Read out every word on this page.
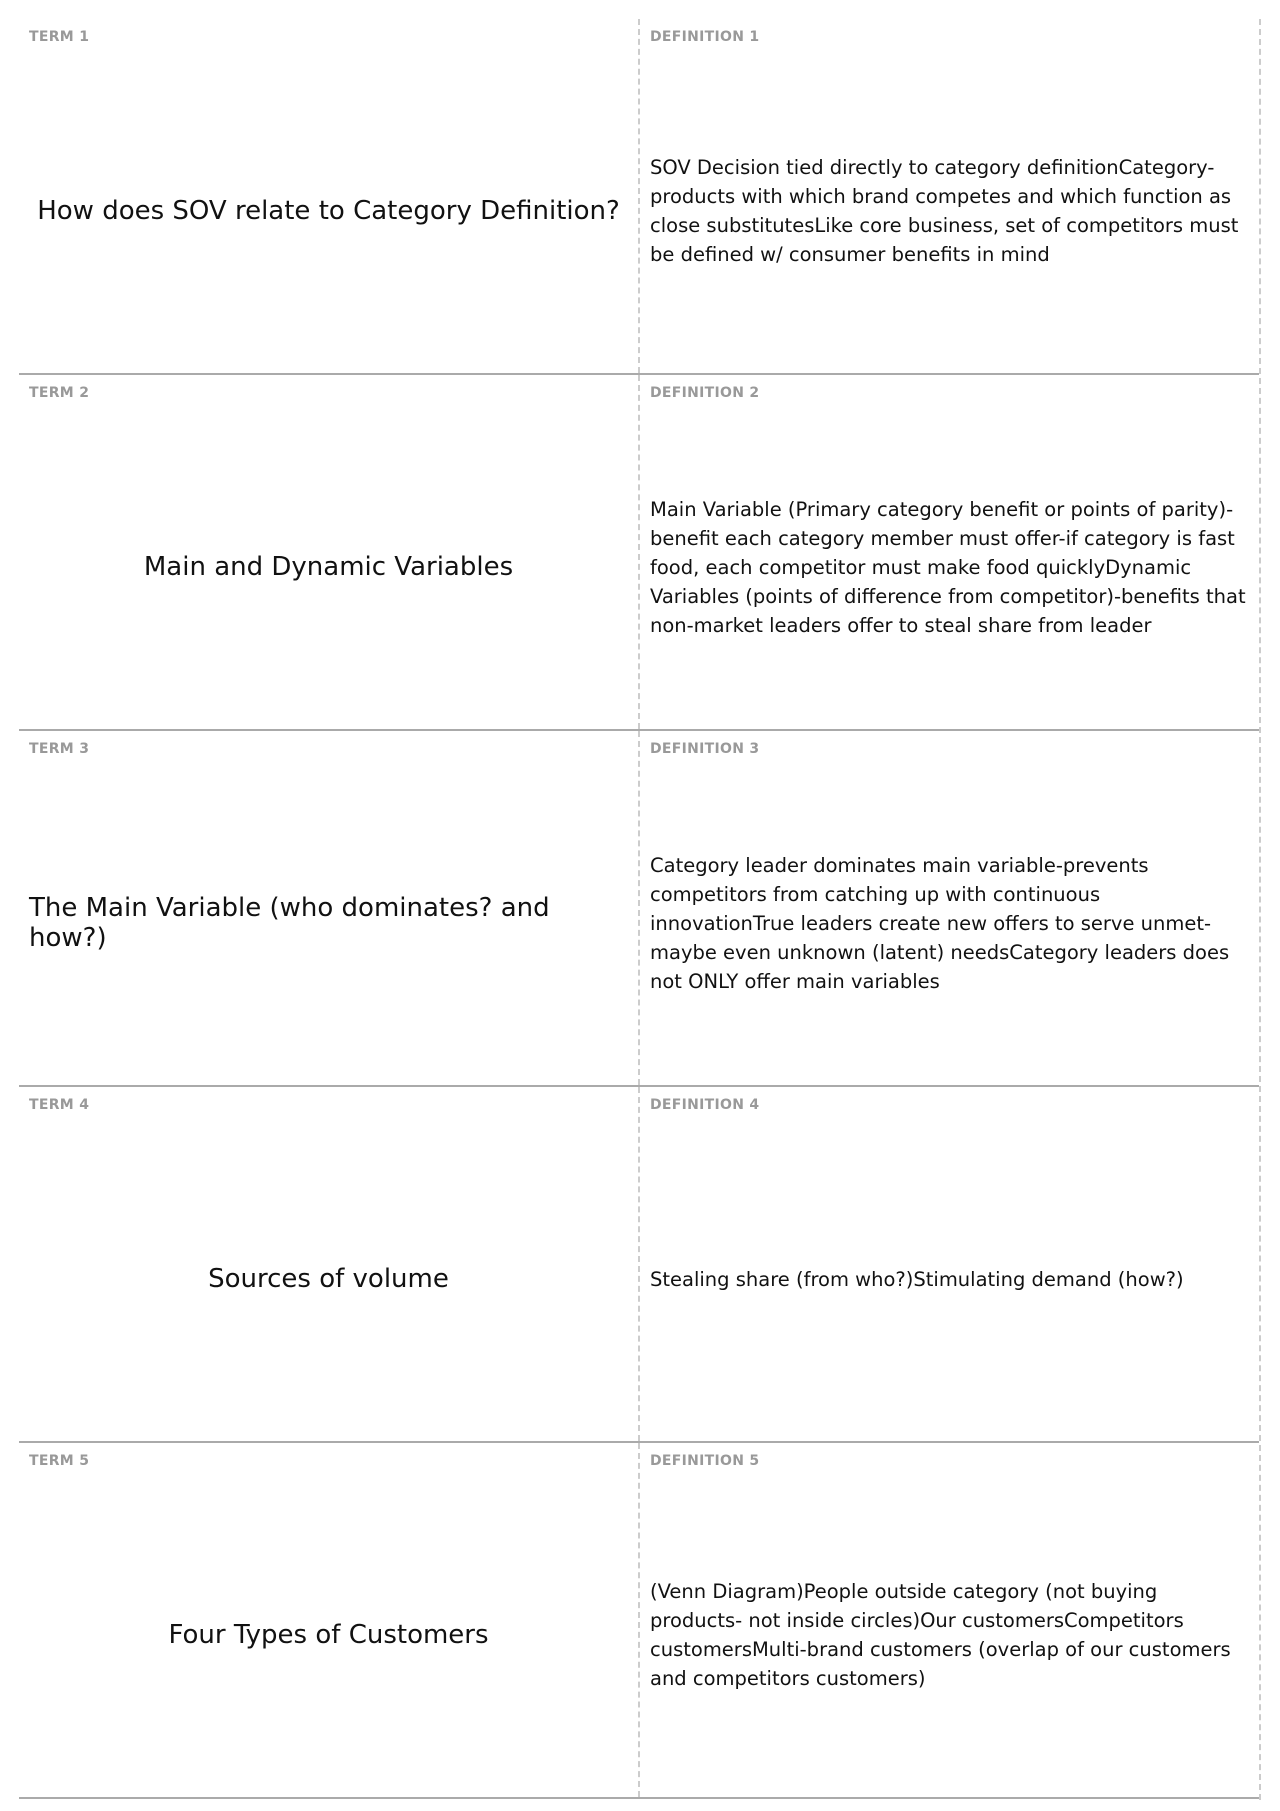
TERM 1
How does SOV relate to Category Definition?
DEFINITION 1
SOV Decision tied directly to category definitionCategory-products with which brand competes and which function as close substitutesLike core business, set of competitors must be defined w/ consumer benefits in mind
TERM 2
Main and Dynamic Variables
DEFINITION 2
Main Variable (Primary category benefit or points of parity)-benefit each category member must offer-if category is fast food, each competitor must make food quicklyDynamic Variables (points of difference from competitor)-benefits that non-market leaders offer to steal share from leader
TERM 3
The Main Variable (who dominates? and how?)
DEFINITION 3
Category leader dominates main variable-prevents competitors from catching up with continuous innovationTrue leaders create new offers to serve unmet-maybe even unknown (latent) needsCategory leaders does not ONLY offer main variables
TERM 4
Sources of volume
DEFINITION 4
Stealing share (from who?)Stimulating demand (how?)
TERM 5
Four Types of Customers
DEFINITION 5
(Venn Diagram)People outside category (not buying products- not inside circles)Our customersCompetitors customersMulti-brand customers (overlap of our customers and competitors customers)
